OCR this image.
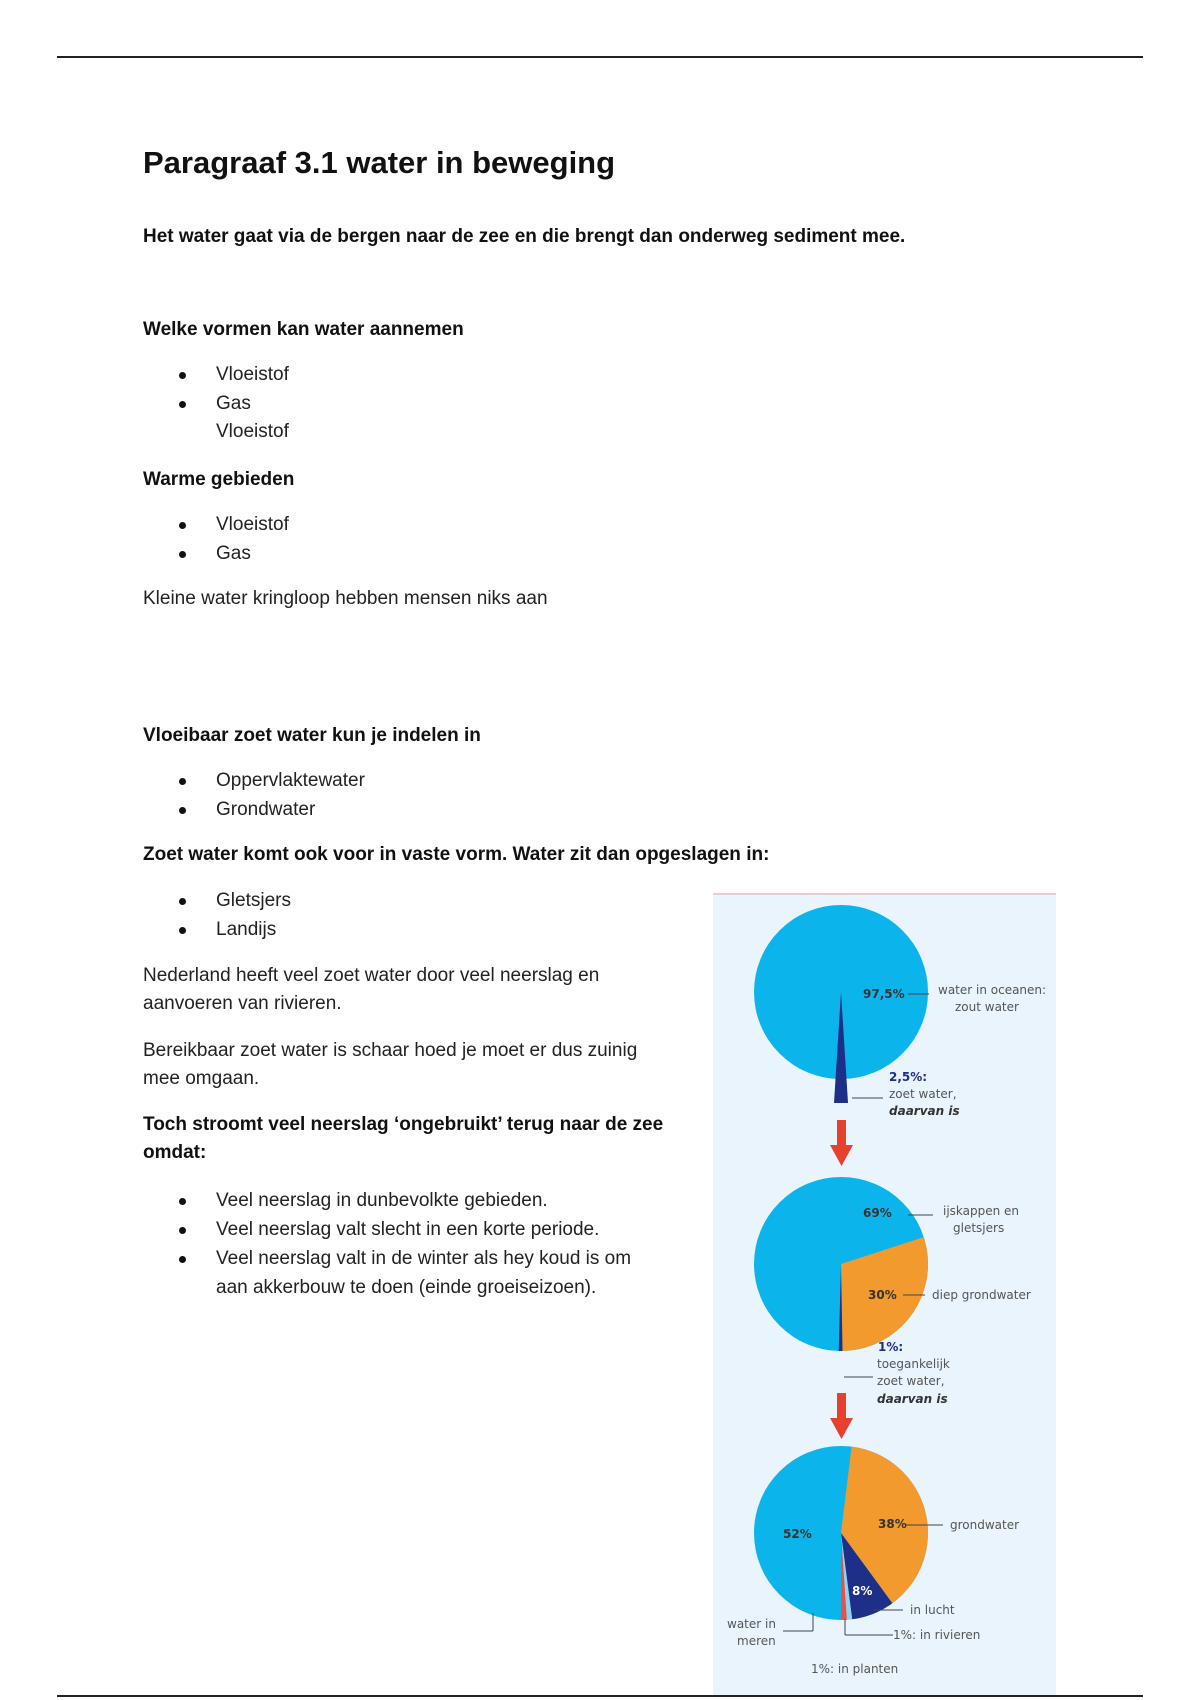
Paragraaf 3.1 water in beweging

Het water gaat via de bergen naar de zee en die brengt dan onderweg sediment mee.

Welke vormen kan water aannemen

Vloeistof
Gas
Vloeistof

Warme gebieden

Vloeistof
Gas

Kleine water kringloop hebben mensen niks aan

Vloeibaar zoet water kun je indelen in

Oppervlaktewater
Grondwater

Zoet water komt ook voor in vaste vorm. Water zit dan opgeslagen in:

Gletsjers
Landijs

Nederland heeft veel zoet water door veel neerslag en
aanvoeren van rivieren.

Bereikbaar zoet water is schaar hoed je moet er dus zuinig
mee omgaan.

Toch stroomt veel neerslag ‘ongebruikt’ terug naar de zee
omdat:

Veel neerslag in dunbevolkte gebieden.
Veel neerslag valt slecht in een korte periode.
Veel neerslag valt in de winter als hey koud is om
aan akkerbouw te doen (einde groeiseizoen).
97,5%	water in oceanen:
zout water
2,5%:
zoet water,
daarvan is
69%	ijskappen en
gletsjers
30%	diep grondwater
1%:
toegankelijk
zoet water,
daarvan is
52%
38%	grondwater
8%
in lucht
1%: in rivieren
water in
meren
1%: in planten
